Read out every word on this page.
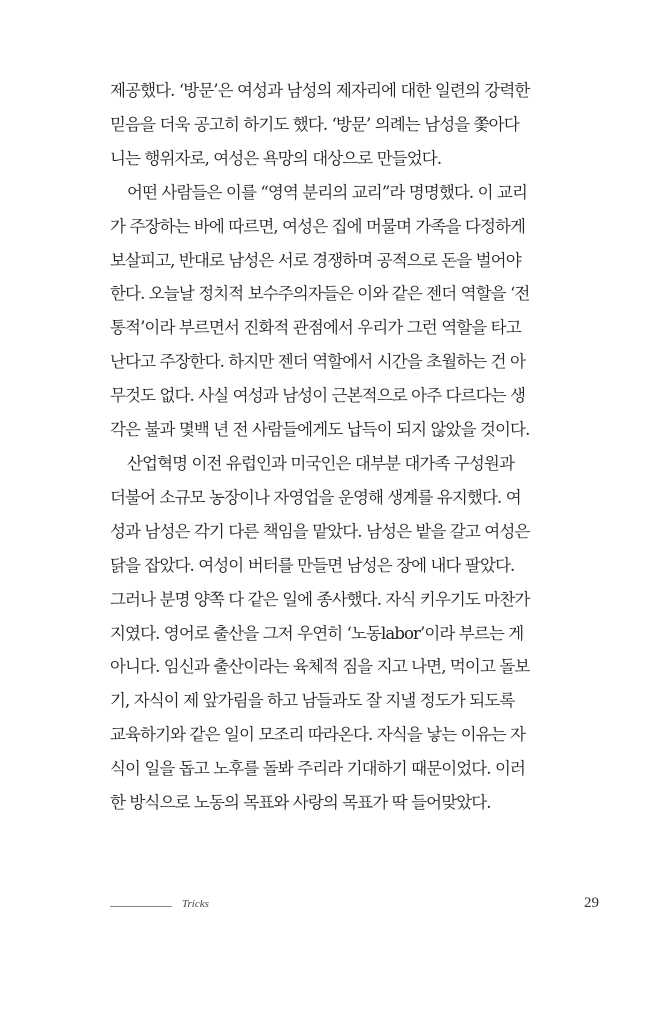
제공했다. ‘방문’은 여성과 남성의 제자리에 대한 일련의 강력한
믿음을 더욱 공고히 하기도 했다. ‘방문’ 의례는 남성을 쫓아다
니는 행위자로, 여성은 욕망의 대상으로 만들었다.
어떤 사람들은 이를 “영역 분리의 교리”라 명명했다. 이 교리
가 주장하는 바에 따르면, 여성은 집에 머물며 가족을 다정하게
보살피고, 반대로 남성은 서로 경쟁하며 공적으로 돈을 벌어야
한다. 오늘날 정치적 보수주의자들은 이와 같은 젠더 역할을 ‘전
통적’이라 부르면서 진화적 관점에서 우리가 그런 역할을 타고
난다고 주장한다. 하지만 젠더 역할에서 시간을 초월하는 건 아
무것도 없다. 사실 여성과 남성이 근본적으로 아주 다르다는 생
각은 불과 몇백 년 전 사람들에게도 납득이 되지 않았을 것이다.
산업혁명 이전 유럽인과 미국인은 대부분 대가족 구성원과
더불어 소규모 농장이나 자영업을 운영해 생계를 유지했다. 여
성과 남성은 각기 다른 책임을 맡았다. 남성은 밭을 갈고 여성은
닭을 잡았다. 여성이 버터를 만들면 남성은 장에 내다 팔았다.
그러나 분명 양쪽 다 같은 일에 종사했다. 자식 키우기도 마찬가
지였다. 영어로 출산을 그저 우연히 ‘노동labor’이라 부르는 게
아니다. 임신과 출산이라는 육체적 짐을 지고 나면, 먹이고 돌보
기, 자식이 제 앞가림을 하고 남들과도 잘 지낼 정도가 되도록
교육하기와 같은 일이 모조리 따라온다. 자식을 낳는 이유는 자
식이 일을 돕고 노후를 돌봐 주리라 기대하기 때문이었다. 이러
한 방식으로 노동의 목표와 사랑의 목표가 딱 들어맞았다.
Tricks	29
